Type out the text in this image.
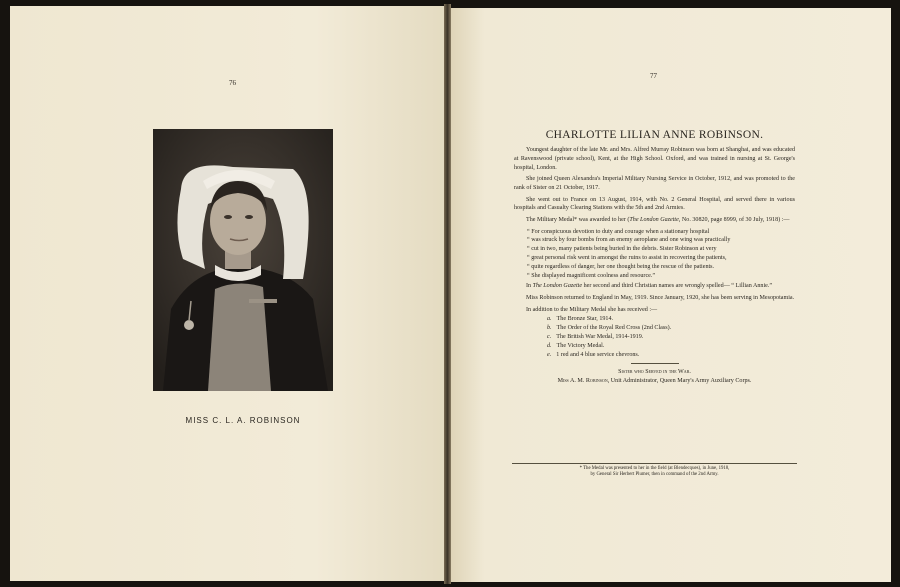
76
MISS C. L. A. ROBINSON
77
CHARLOTTE LILIAN ANNE ROBINSON.

Youngest daughter of the late Mr. and Mrs. Alfred Murray Robinson was born at Shanghai, and was educated at Ravenswood (private school), Kent, at the High School. Oxford, and was trained in nursing at St. George's hospital, London.

She joined Queen Alexandra's Imperial Military Nursing Service in October, 1912, and was promoted to the rank of Sister on 21 October, 1917.

She went out to France on 13 August, 1914, with No. 2 General Hospital, and served there in various hospitals and Casualty Clearing Stations with the 5th and 2nd Armies.

The Military Medal* was awarded to her (The London Gazette, No. 30820, page 8999, of 30 July, 1918) :—

“ For conspicuous devotion to duty and courage when a stationary hospital
“ was struck by four bombs from an enemy aeroplane and one wing was practically
“ cut in two, many patients being buried in the debris. Sister Robinson at very
“ great personal risk went in amongst the ruins to assist in recovering the patients,
“ quite regardless of danger, her one thought being the rescue of the patients.
“ She displayed magnificent coolness and resource.”

In The London Gazette her second and third Christian names are wrongly spelled— “ Lillian Annie.”

Miss Robinson returned to England in May, 1919. Since January, 1920, she has been serving in Mesopotamia.

In addition to the Military Medal she has received :—

a. The Bronze Star, 1914.
b. The Order of the Royal Red Cross (2nd Class).
c. The British War Medal, 1914-1919.
d. The Victory Medal.
e. 1 red and 4 blue service chevrons.
Sister who Served in the War.
Miss A. M. Robinson, Unit Administrator, Queen Mary's Army Auxiliary Corps.
* The Medal was presented to her in the field (at Blendecques), in June, 1918,
by General Sir Herbert Plumer, then in command of the 2nd Army.
